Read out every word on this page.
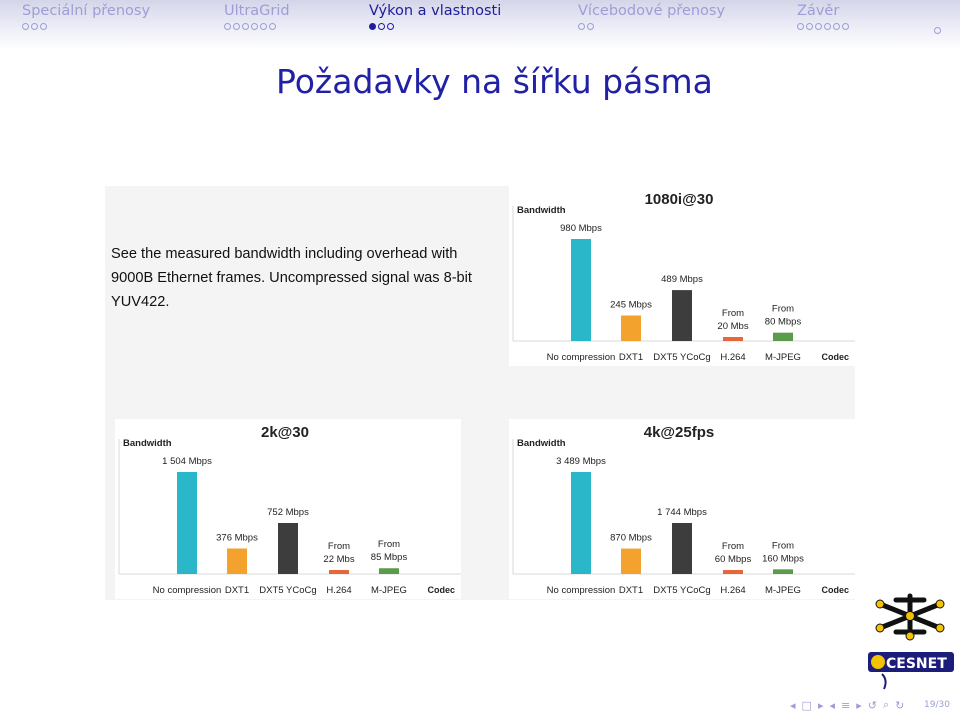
Speciální přenosy	UltraGrid	Výkon a vlastnosti	Vícebodové přenosy	Závěr
Požadavky na šířku pásma
See the measured bandwidth including overhead with 9000B Ethernet frames. Uncompressed signal was 8-bit YUV422.
1080i@30
Bandwidth
Codec
980 Mbps
No compression
245 Mbps
DXT1
489 Mbps
DXT5 YCoCg
From
20 Mbs
H.264
From
80 Mbps
M-JPEG
2k@30
Bandwidth
Codec
1 504 Mbps
No compression
376 Mbps
DXT1
752 Mbps
DXT5 YCoCg
From
22 Mbs
H.264
From
85 Mbps
M-JPEG
4k@25fps
Bandwidth
Codec
3 489 Mbps
No compression
870 Mbps
DXT1
1 744 Mbps
DXT5 YCoCg
From
60 Mbps
H.264
From
160 Mbps
M-JPEG
CESNET
◂ □ ▸ ◂ ≡ ▸ ↺ ⌕ ↻ 19/30
